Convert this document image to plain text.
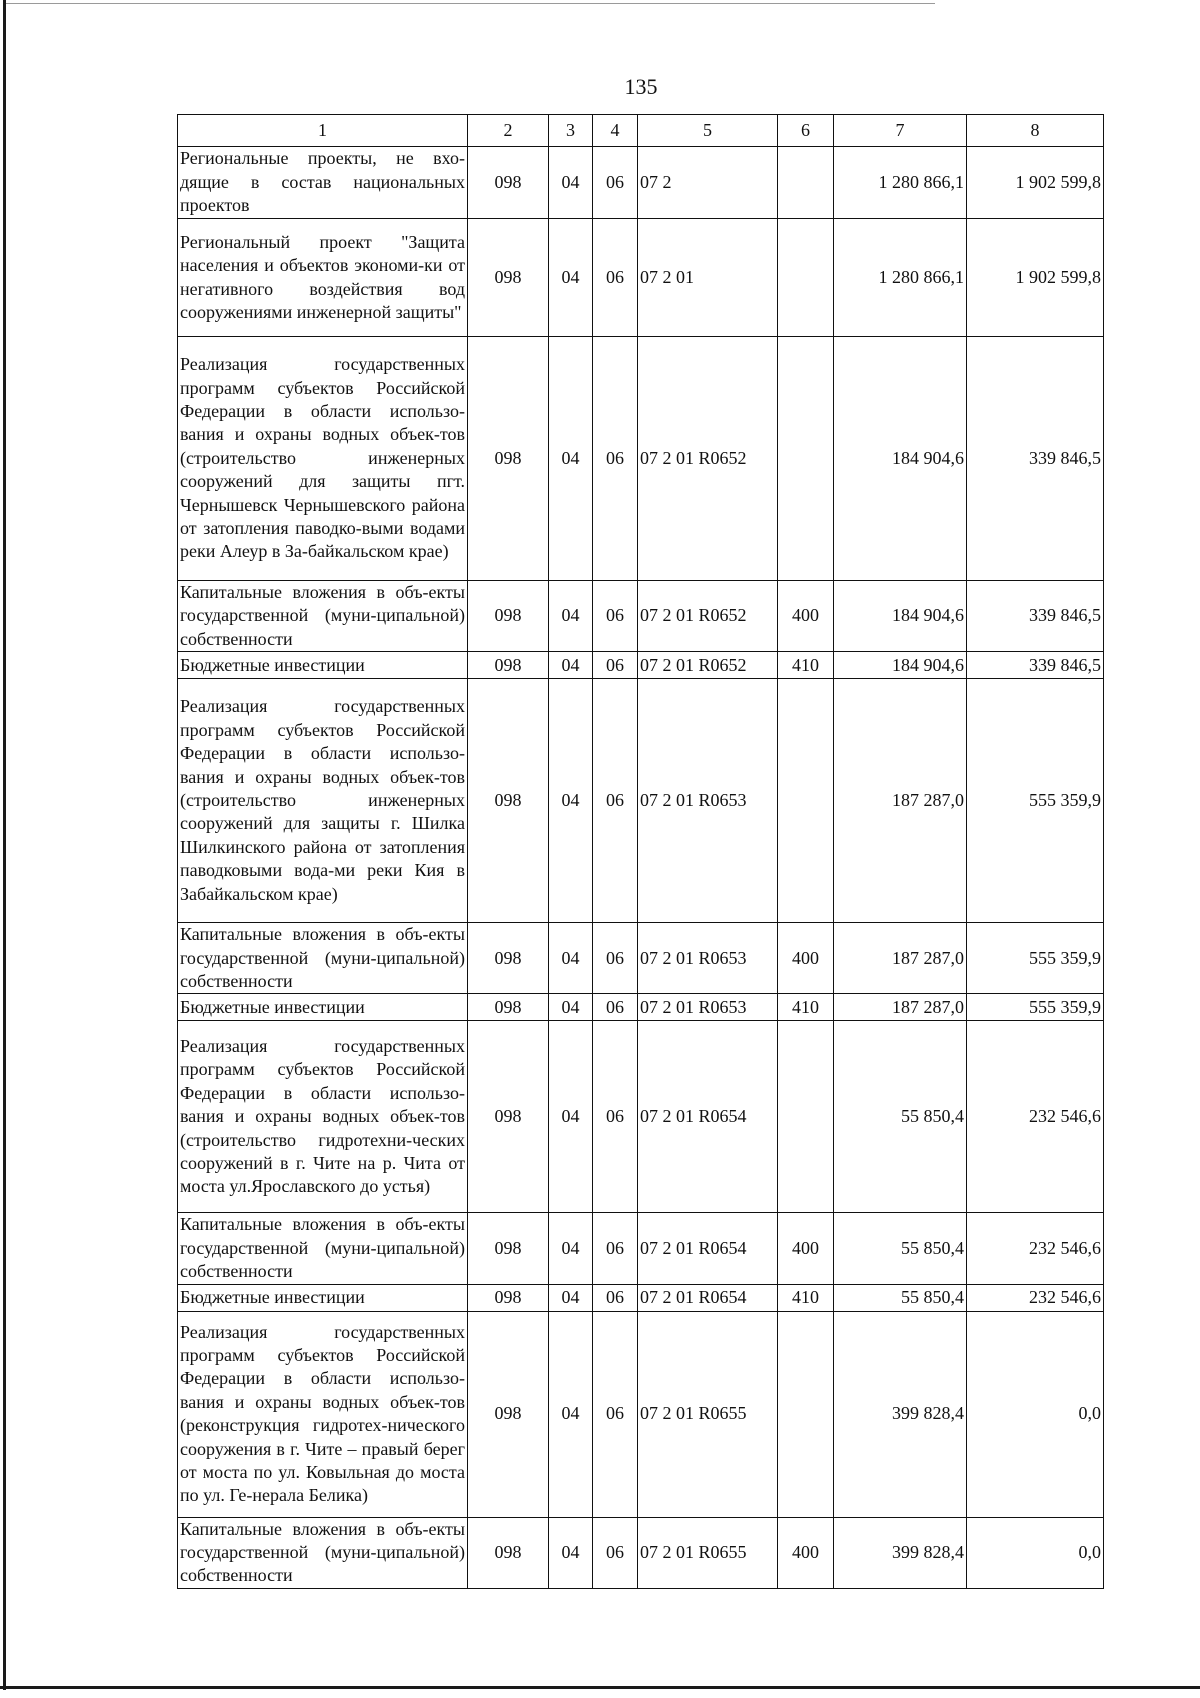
135
1	2	3	4	5	6	7	8
Региональные проекты, не вхо-дящие в состав национальных проектов	098	04	06	07 2		1 280 866,1	1 902 599,8
Региональный проект "Защита населения и объектов экономи-ки от негативного воздействия вод сооружениями инженерной защиты"	098	04	06	07 2 01		1 280 866,1	1 902 599,8
Реализация государственных программ субъектов Российской Федерации в области использо-вания и охраны водных объек-тов (строительство инженерных сооружений для защиты пгт. Чернышевск Чернышевского района от затопления паводко-выми водами реки Алеур в За-байкальском крае)	098	04	06	07 2 01 R0652		184 904,6	339 846,5
Капитальные вложения в объ-екты государственной (муни-ципальной) собственности	098	04	06	07 2 01 R0652	400	184 904,6	339 846,5
Бюджетные инвестиции	098	04	06	07 2 01 R0652	410	184 904,6	339 846,5
Реализация государственных программ субъектов Российской Федерации в области использо-вания и охраны водных объек-тов (строительство инженерных сооружений для защиты г. Шилка Шилкинского района от затопления паводковыми вода-ми реки Кия в Забайкальском крае)	098	04	06	07 2 01 R0653		187 287,0	555 359,9
Капитальные вложения в объ-екты государственной (муни-ципальной) собственности	098	04	06	07 2 01 R0653	400	187 287,0	555 359,9
Бюджетные инвестиции	098	04	06	07 2 01 R0653	410	187 287,0	555 359,9
Реализация государственных программ субъектов Российской Федерации в области использо-вания и охраны водных объек-тов (строительство гидротехни-ческих сооружений в г. Чите на р. Чита от моста ул.Ярославского до устья)	098	04	06	07 2 01 R0654		55 850,4	232 546,6
Капитальные вложения в объ-екты государственной (муни-ципальной) собственности	098	04	06	07 2 01 R0654	400	55 850,4	232 546,6
Бюджетные инвестиции	098	04	06	07 2 01 R0654	410	55 850,4	232 546,6
Реализация государственных программ субъектов Российской Федерации в области использо-вания и охраны водных объек-тов (реконструкция гидротех-нического сооружения в г. Чите – правый берег от моста по ул. Ковыльная до моста по ул. Ге-нерала Белика)	098	04	06	07 2 01 R0655		399 828,4	0,0
Капитальные вложения в объ-екты государственной (муни-ципальной) собственности	098	04	06	07 2 01 R0655	400	399 828,4	0,0
